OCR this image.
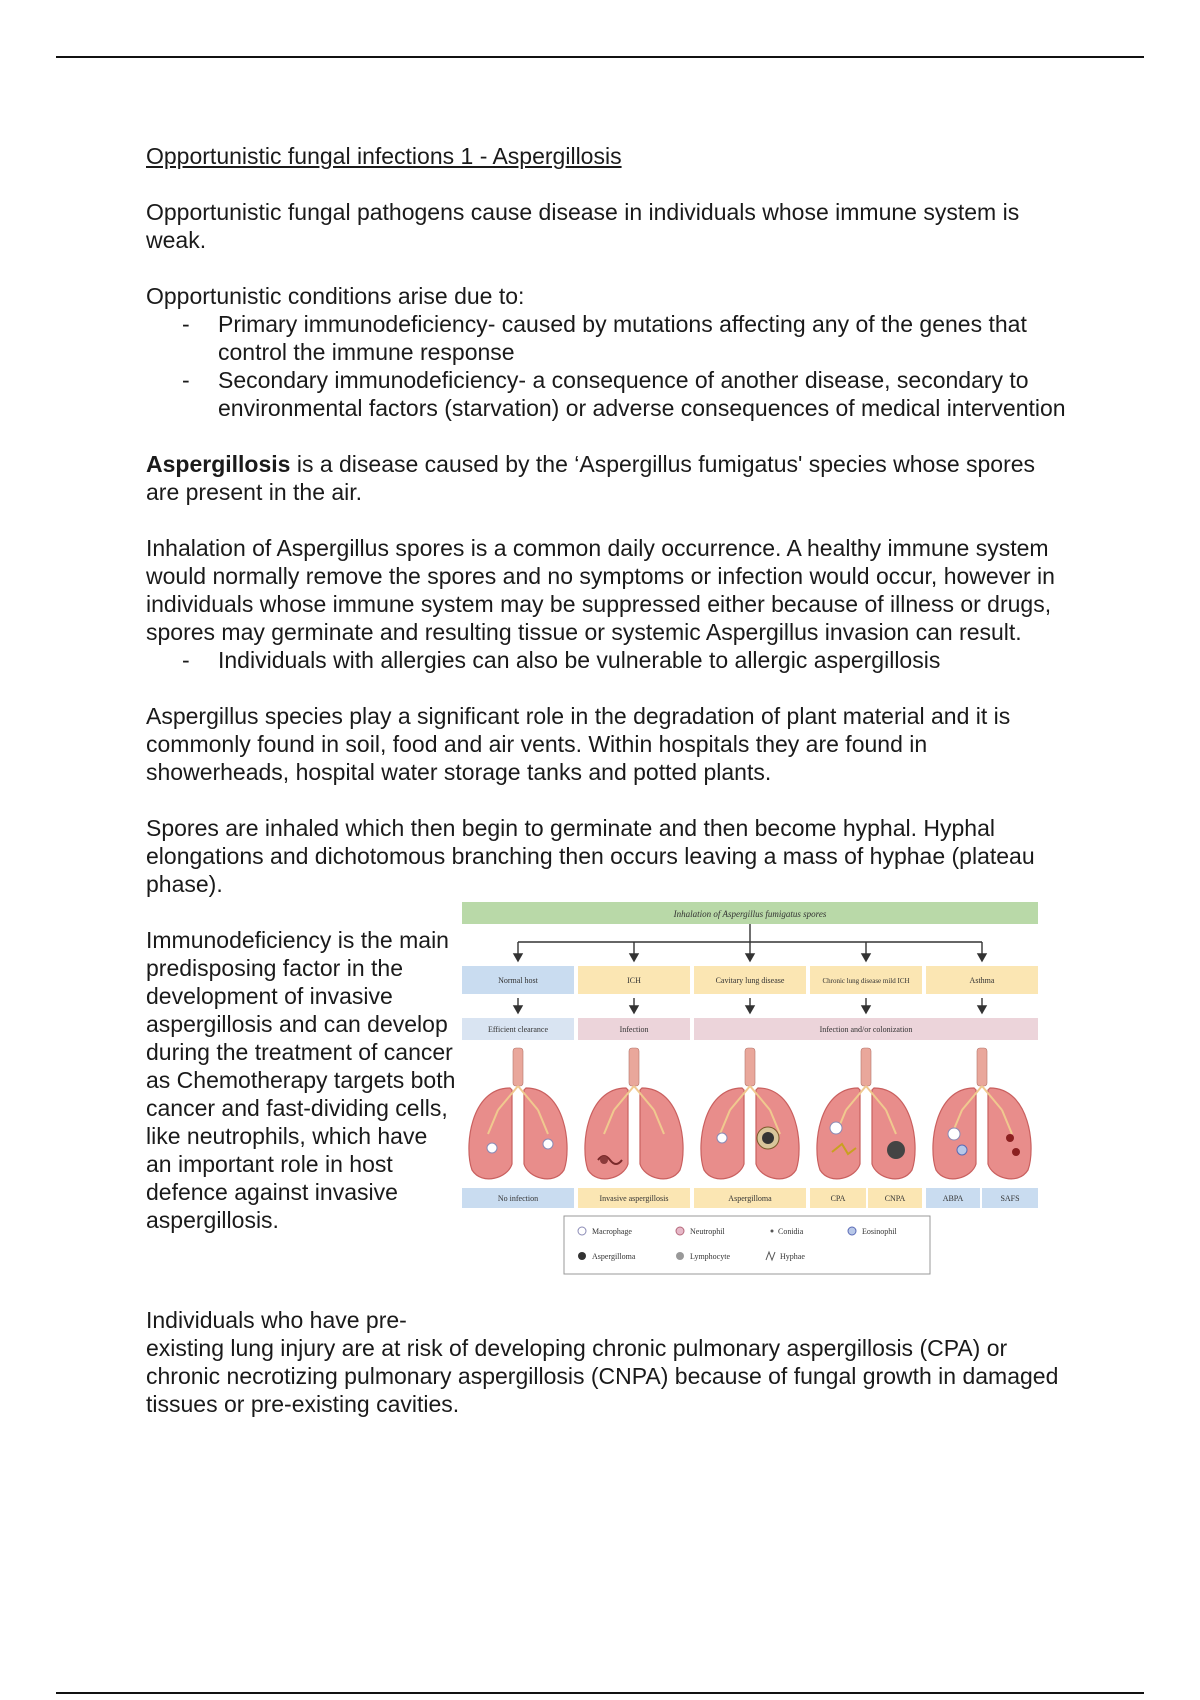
Opportunistic fungal infections 1 - Aspergillosis

Opportunistic fungal pathogens cause disease in individuals whose immune system is weak.

Opportunistic conditions arise due to:

- Primary immunodeficiency- caused by mutations affecting any of the genes that control the immune response
- Secondary immunodeficiency- a consequence of another disease, secondary to environmental factors (starvation) or adverse consequences of medical intervention

Aspergillosis is a disease caused by the ‘Aspergillus fumigatus' species whose spores are present in the air.

Inhalation of Aspergillus spores is a common daily occurrence. A healthy immune system would normally remove the spores and no symptoms or infection would occur, however in individuals whose immune system may be suppressed either because of illness or drugs, spores may germinate and resulting tissue or systemic Aspergillus invasion can result.

- Individuals with allergies can also be vulnerable to allergic aspergillosis

Aspergillus species play a significant role in the degradation of plant material and it is commonly found in soil, food and air vents. Within hospitals they are found in showerheads, hospital water storage tanks and potted plants.

Spores are inhaled which then begin to germinate and then become hyphal. Hyphal elongations and dichotomous branching then occurs leaving a mass of hyphae (plateau phase).

Immunodeficiency is the main predisposing factor in the development of invasive aspergillosis and can develop during the treatment of cancer as Chemotherapy targets both cancer and fast-dividing cells, like neutrophils, which have an important role in host defence against invasive aspergillosis.

Inhalation of Aspergillus fumigatus spores
Normal host	ICH	Cavitary lung disease	Chronic lung disease mild ICH	Asthma
Efficient clearance	Infection	Infection and/or colonization
No infection	Invasive aspergillosis	Aspergilloma	CPA	CNPA	ABPA	SAFS
Macrophage	Neutrophil	Conidia	Eosinophil
Aspergilloma	Lymphocyte	Hyphae

Individuals who have pre-
existing lung injury are at risk of developing chronic pulmonary aspergillosis (CPA) or chronic necrotizing pulmonary aspergillosis (CNPA) because of fungal growth in damaged tissues or pre-existing cavities.
